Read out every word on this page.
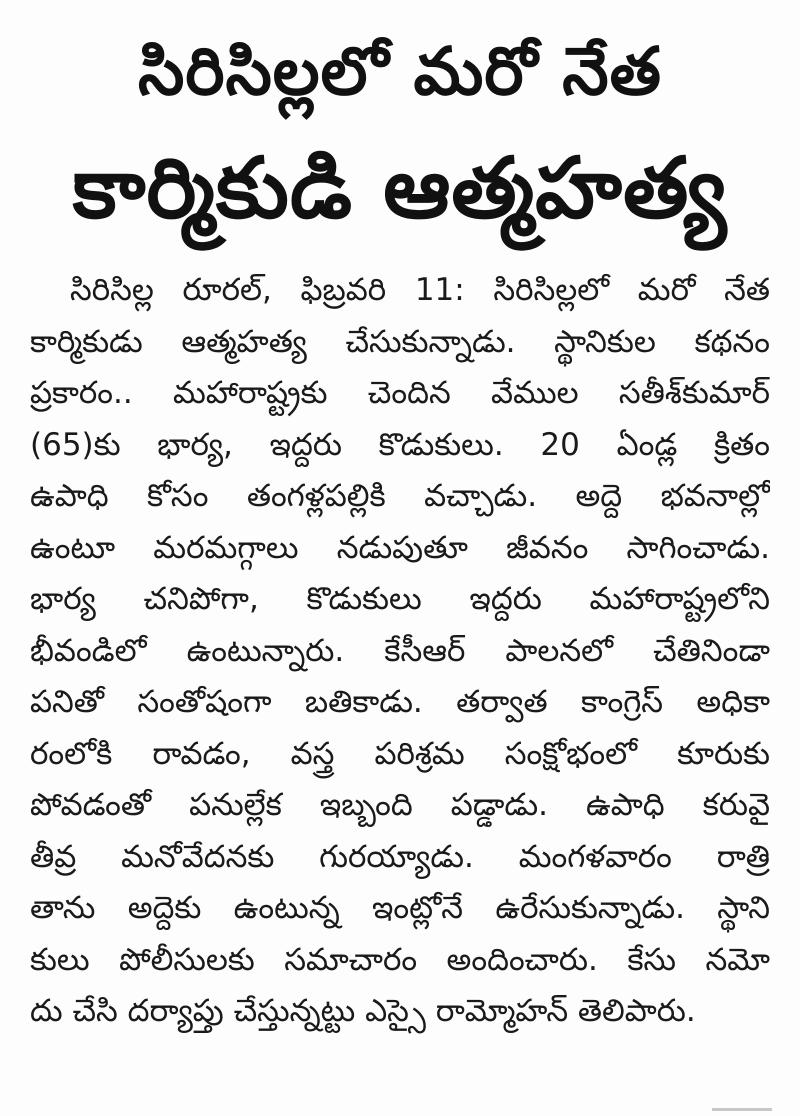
సిరిసిల్లలో మరో నేత
కార్మికుడి ఆత్మహత్య
సిరిసిల్ల రూరల్, ఫిబ్రవరి 11: సిరిసిల్లలో మరో నేత
కార్మికుడు ఆత్మహత్య చేసుకున్నాడు. స్థానికుల కథనం
ప్రకారం.. మహారాష్ట్రకు చెందిన వేముల సతీశ్‌కుమార్
(65)కు భార్య, ఇద్దరు కొడుకులు. 20 ఏండ్ల క్రితం
ఉపాధి కోసం తంగళ్లపల్లికి వచ్చాడు. అద్దె భవనాల్లో
ఉంటూ మరమగ్గాలు నడుపుతూ జీవనం సాగించాడు.
భార్య చనిపోగా, కొడుకులు ఇద్దరు మహారాష్ట్రలోని
భీవండిలో ఉంటున్నారు. కేసీఆర్ పాలనలో చేతినిండా
పనితో సంతోషంగా బతికాడు. తర్వాత కాంగ్రెస్ అధికా
రంలోకి రావడం, వస్త్ర పరిశ్రమ సంక్షోభంలో కూరుకు
పోవడంతో పనుల్లేక ఇబ్బంది పడ్డాడు. ఉపాధి కరువై
తీవ్ర మనోవేదనకు గురయ్యాడు. మంగళవారం రాత్రి
తాను అద్దెకు ఉంటున్న ఇంట్లోనే ఉరేసుకున్నాడు. స్థాని
కులు పోలీసులకు సమాచారం అందించారు. కేసు నమో
దు చేసి దర్యాప్తు చేస్తున్నట్టు ఎస్సై రామ్మోహన్ తెలిపారు.
